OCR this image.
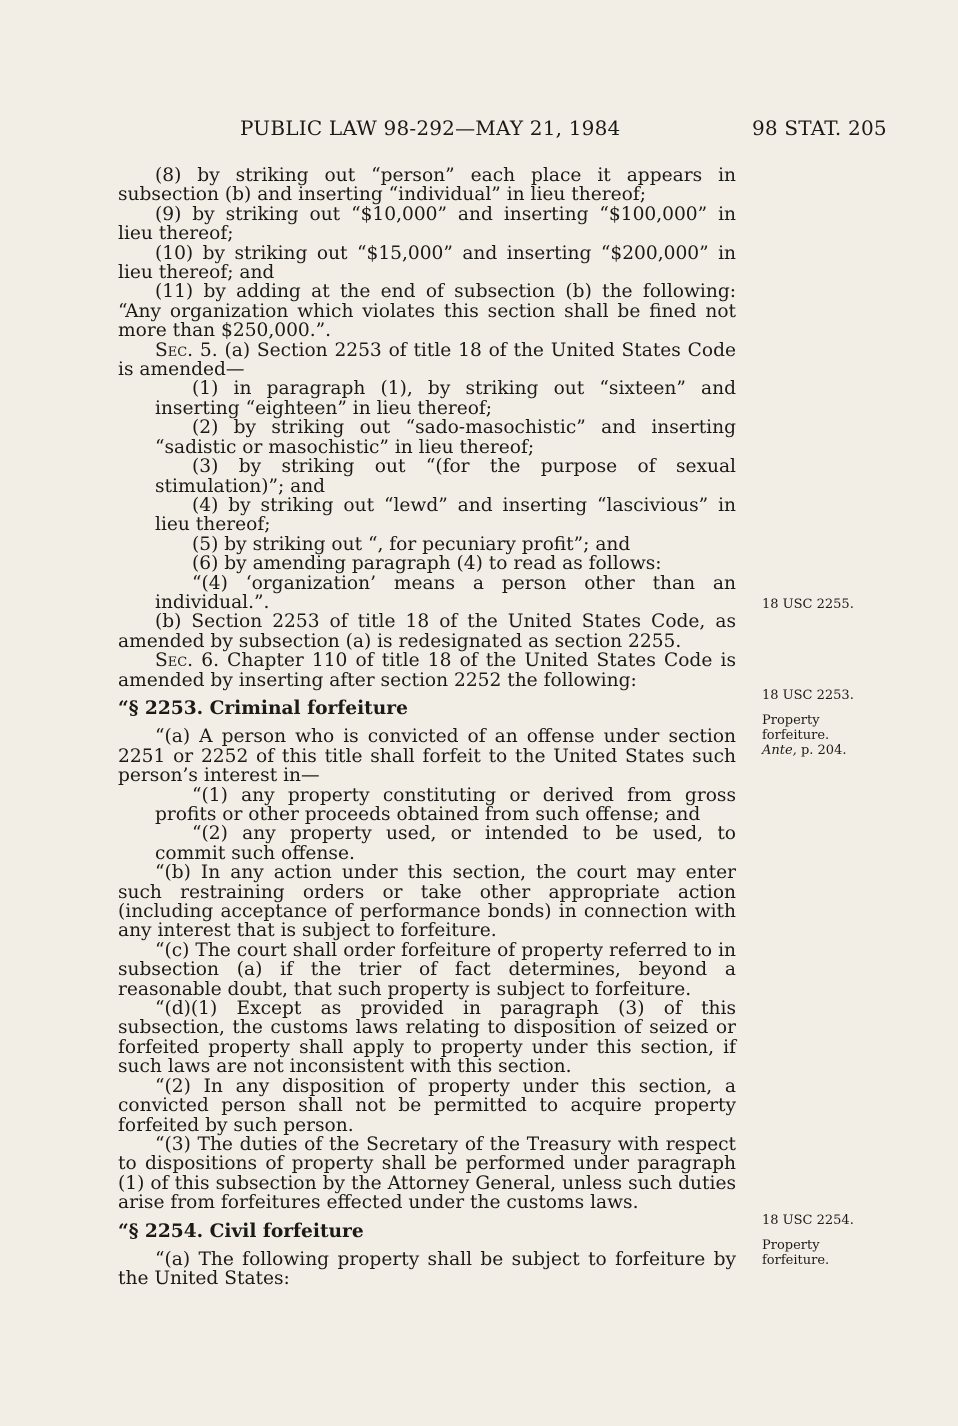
PUBLIC LAW 98-292—MAY 21, 1984	98 STAT. 205

(8) by striking out “person” each place it appears in subsection (b) and inserting “individual” in lieu thereof;

(9) by striking out “$10,000” and inserting “$100,000” in lieu thereof;

(10) by striking out “$15,000” and inserting “$200,000” in lieu thereof; and

(11) by adding at the end of subsection (b) the following: “Any organization which violates this section shall be fined not more than $250,000.”.

Sec. 5. (a) Section 2253 of title 18 of the United States Code is amended—

(1) in paragraph (1), by striking out “sixteen” and inserting “eighteen” in lieu thereof;

(2) by striking out “sado-masochistic” and inserting “sadistic or masochistic” in lieu thereof;

(3) by striking out “(for the purpose of sexual stimulation)”; and

(4) by striking out “lewd” and inserting “lascivious” in lieu thereof;

(5) by striking out “, for pecuniary profit”; and

(6) by amending paragraph (4) to read as follows:

“(4) ‘organization’ means a person other than an individual.”.

(b) Section 2253 of title 18 of the United States Code, as amended by subsection (a) is redesignated as section 2255.

Sec. 6. Chapter 110 of title 18 of the United States Code is amended by inserting after section 2252 the following:

“§ 2253. Criminal forfeiture

“(a) A person who is convicted of an offense under section 2251 or 2252 of this title shall forfeit to the United States such person’s interest in—

“(1) any property constituting or derived from gross profits or other proceeds obtained from such offense; and

“(2) any property used, or intended to be used, to commit such offense.

“(b) In any action under this section, the court may enter such restraining orders or take other appropriate action (including acceptance of performance bonds) in connection with any interest that is subject to forfeiture.

“(c) The court shall order forfeiture of property referred to in subsection (a) if the trier of fact determines, beyond a reasonable doubt, that such property is subject to forfeiture.

“(d)(1) Except as provided in paragraph (3) of this subsection, the customs laws relating to disposition of seized or forfeited property shall apply to property under this section, if such laws are not inconsistent with this section.

“(2) In any disposition of property under this section, a convicted person shall not be permitted to acquire property forfeited by such person.

“(3) The duties of the Secretary of the Treasury with respect to dispositions of property shall be performed under paragraph (1) of this subsection by the Attorney General, unless such duties arise from forfeitures effected under the customs laws.

“§ 2254. Civil forfeiture

“(a) The following property shall be subject to forfeiture by the United States:

18 USC 2255.
18 USC 2253.
Property
forfeiture.
Ante, p. 204.
18 USC 2254.
Property
forfeiture.
